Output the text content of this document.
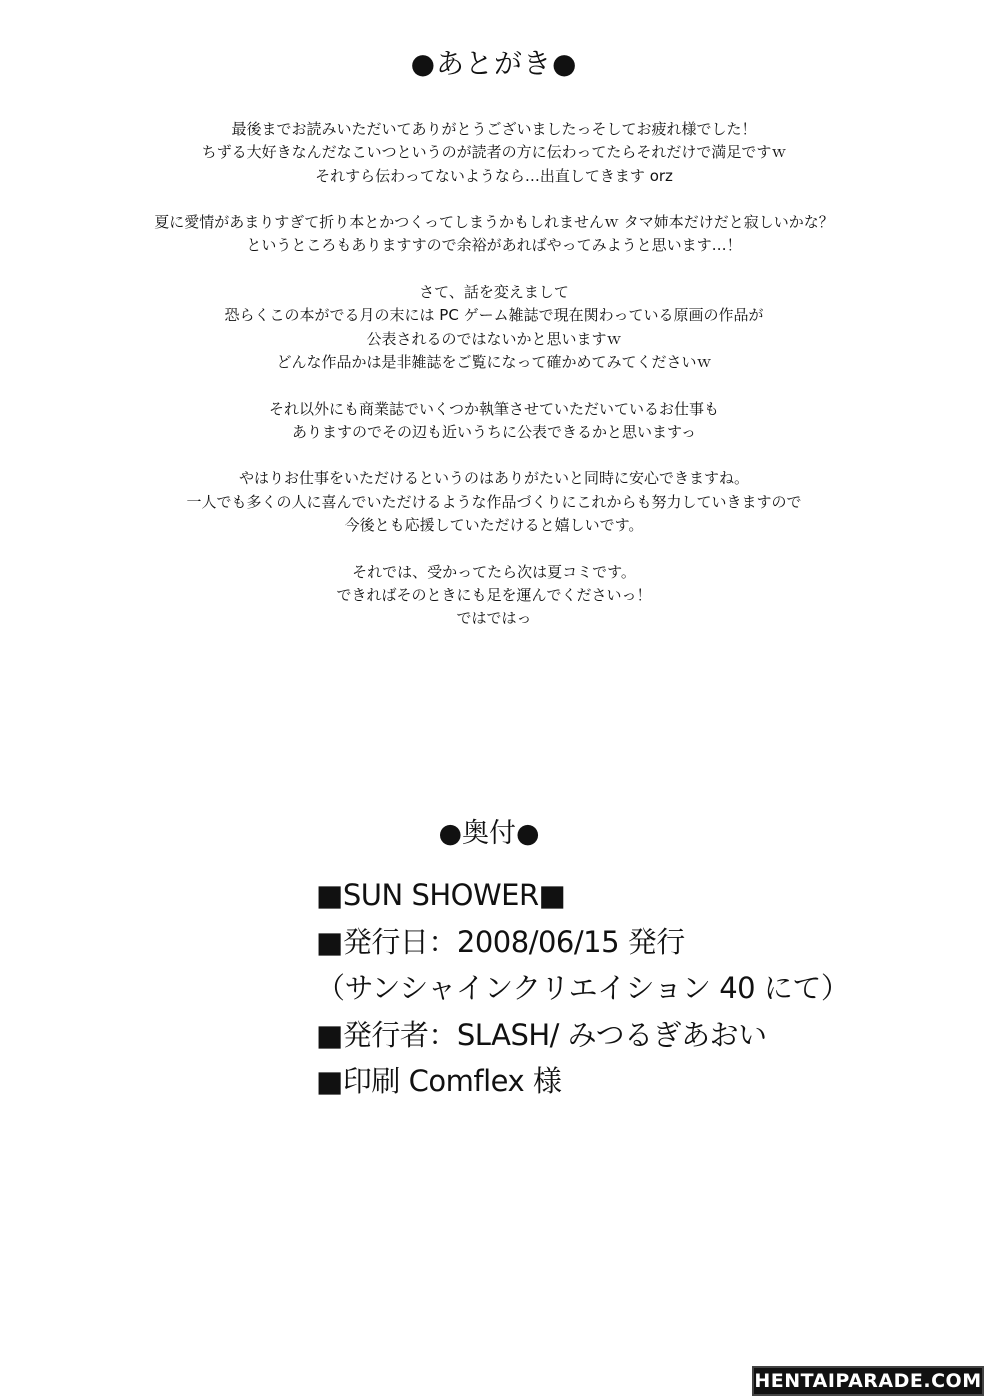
●あとがき●

最後までお読みいただいてありがとうございましたっそしてお疲れ様でした！

ちずる大好きなんだなこいつというのが読者の方に伝わってたらそれだけで満足ですｗ

それすら伝わってないようなら…出直してきます orz

夏に愛情があまりすぎて折り本とかつくってしまうかもしれませんｗ タマ姉本だけだと寂しいかな？

というところもありますすので余裕があればやってみようと思います…！

さて、話を変えまして

恐らくこの本がでる月の末には PC ゲーム雑誌で現在関わっている原画の作品が

公表されるのではないかと思いますｗ

どんな作品かは是非雑誌をご覧になって確かめてみてくださいｗ

それ以外にも商業誌でいくつか執筆させていただいているお仕事も

ありますのでその辺も近いうちに公表できるかと思いますっ

やはりお仕事をいただけるというのはありがたいと同時に安心できますね。

一人でも多くの人に喜んでいただけるような作品づくりにこれからも努力していきますので

今後とも応援していただけると嬉しいです。

それでは、受かってたら次は夏コミです。

できればそのときにも足を運んでくださいっ！

ではではっ

●奥付●

■SUN SHOWER■

■発行日：2008/06/15 発行

（サンシャインクリエイション 40 にて）

■発行者：SLASH/ みつるぎあおい

■印刷 Comflex 様

HENTAIPARADE.COM
